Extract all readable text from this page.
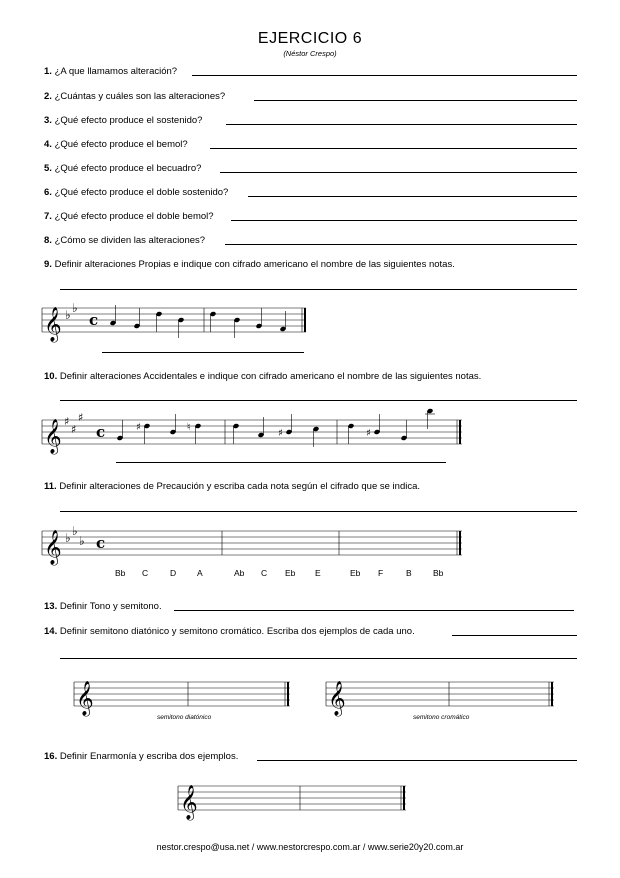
EJERCICIO 6
(Néstor Crespo)
1. ¿A que llamamos alteración?
2. ¿Cuántas y cuáles son las alteraciones?
3. ¿Qué efecto produce el sostenido?
4. ¿Qué efecto produce el bemol?
5. ¿Qué efecto produce el becuadro?
6. ¿Qué efecto produce el doble sostenido?
7. ¿Qué efecto produce el doble bemol?
8. ¿Cómo se dividen las alteraciones?
9. Definir alteraciones Propias e indique con cifrado americano el nombre de las siguientes notas.
𝄞 ♭ ♭
c
10. Definir alteraciones Accidentales e indique con cifrado americano el nombre de las siguientes notas.
𝄞 ♯
♯
♯
c	♯	♮
♯	♯
11. Definir alteraciones de Precaución y escriba cada nota según el cifrado que se indica.
𝄞 ♭ ♭
♭ c
Bb C	D A	Ab C Eb E	Eb F	B	Bb
13. Definir Tono y semitono.
14. Definir semitono diatónico y semitono cromático. Escriba dos ejemplos de cada uno.
𝄞
semitono diatónico
𝄞
semitono cromático
16. Definir Enarmonía y escriba dos ejemplos.
𝄞
nestor.crespo@usa.net / www.nestorcrespo.com.ar / www.serie20y20.com.ar
